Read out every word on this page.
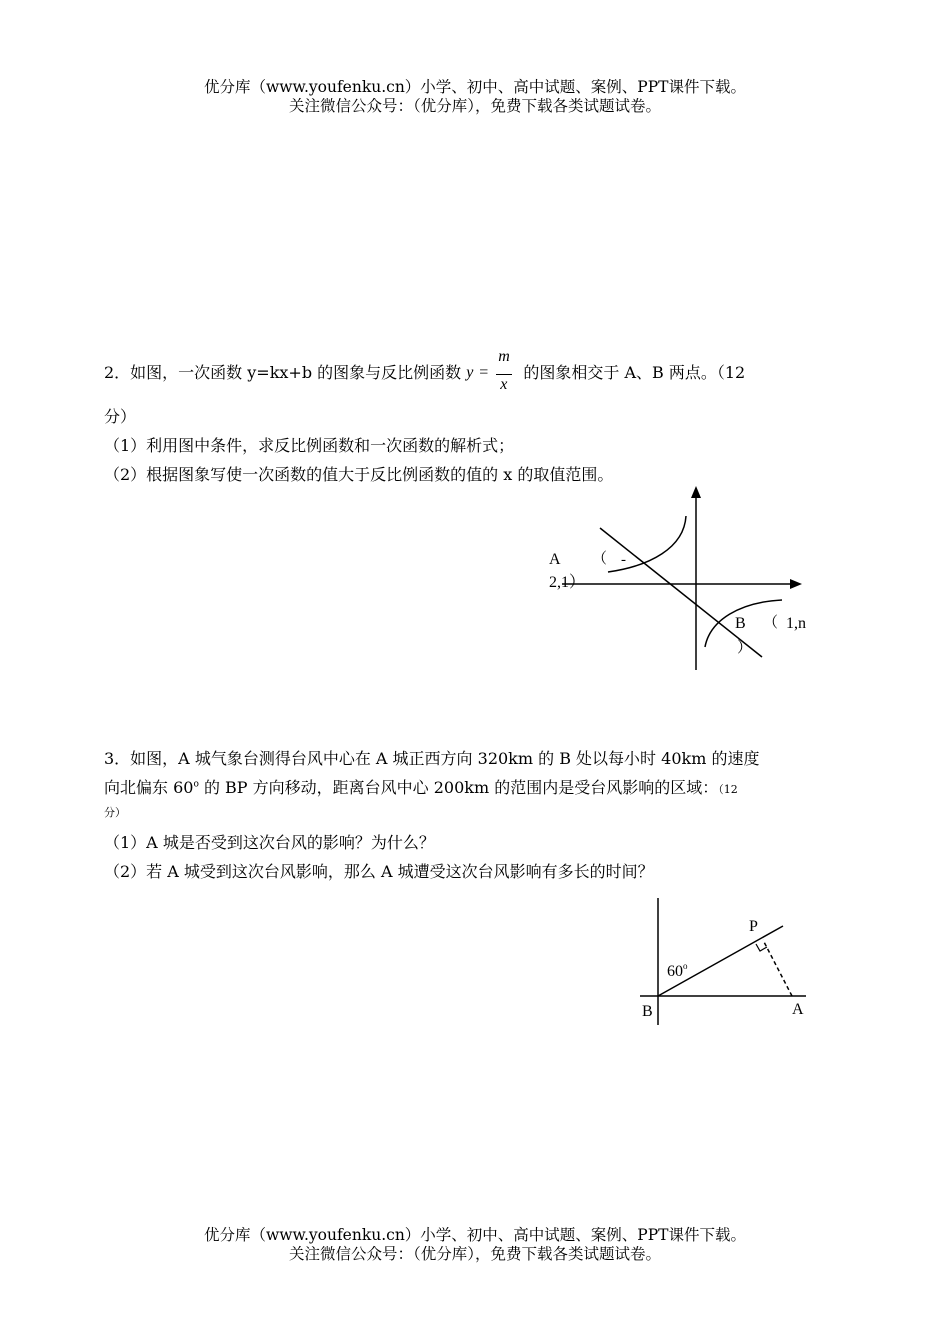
优分库（www.youfenku.cn）小学、初中、高中试题、案例、PPT课件下载。
关注微信公众号：（优分库），免费下载各类试题试卷。
2．如图，一次函数 y=kx+b 的图象与反比例函数 y =
m
x
的图象相交于 A、B 两点。（12
分）
（1）利用图中条件，求反比例函数和一次函数的解析式；
（2）根据图象写使一次函数的值大于反比例函数的值的 x 的取值范围。
A （ -
2,1）
B （ 1,n
）
3．如图，A 城气象台测得台风中心在 A 城正西方向 320km 的 B 处以每小时 40km 的速度
向北偏东 60$^o$ 的 BP 方向移动，距离台风中心 200km 的范围内是受台风影响的区域：（12
分）
（1）A 城是否受到这次台风的影响？为什么？
（2）若 A 城受到这次台风影响，那么 A 城遭受这次台风影响有多长的时间？
P
60$^o$
B	A
优分库（www.youfenku.cn）小学、初中、高中试题、案例、PPT课件下载。
关注微信公众号：（优分库），免费下载各类试题试卷。
